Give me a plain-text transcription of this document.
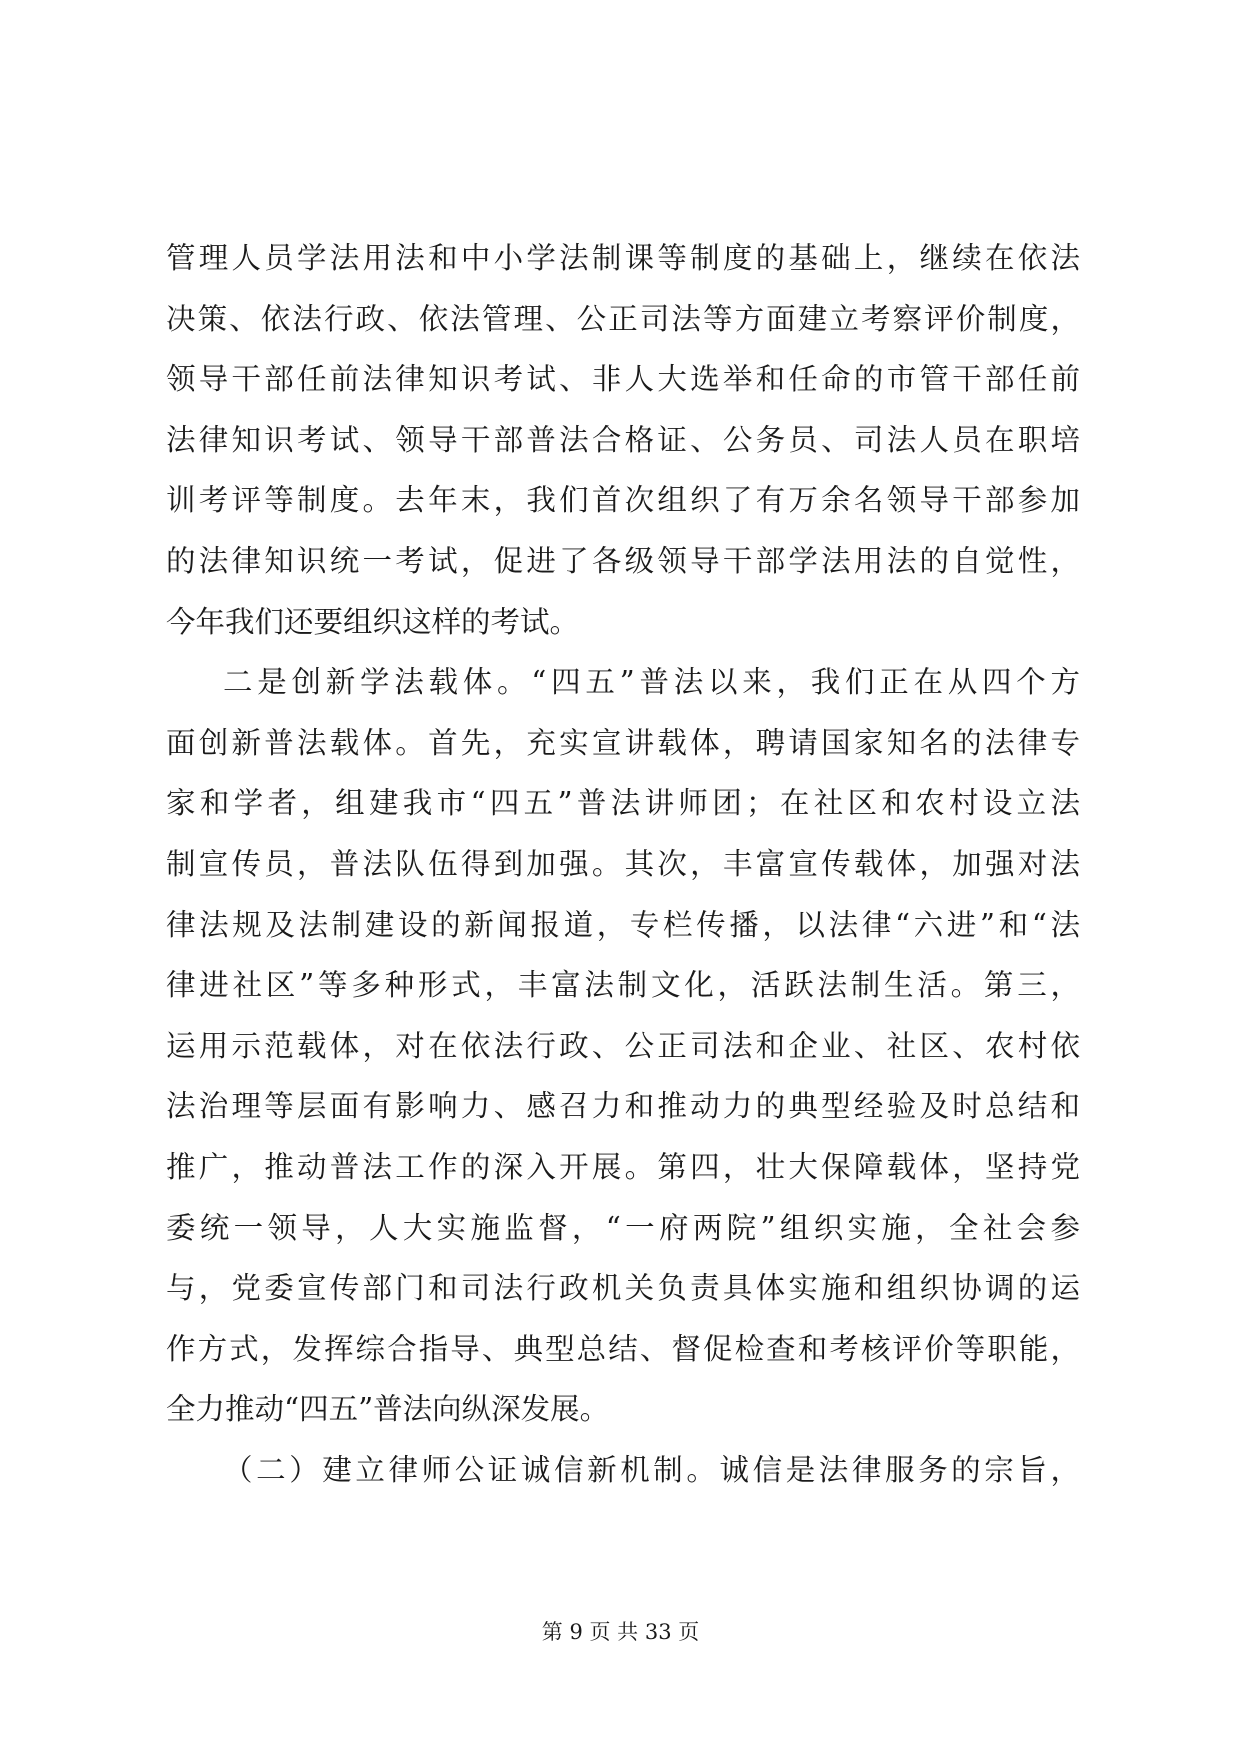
管理人员学法用法和中小学法制课等制度的基础上，继续在依法
决策、依法行政、依法管理、公正司法等方面建立考察评价制度，
领导干部任前法律知识考试、非人大选举和任命的市管干部任前
法律知识考试、领导干部普法合格证、公务员、司法人员在职培
训考评等制度。去年末，我们首次组织了有万余名领导干部参加
的法律知识统一考试，促进了各级领导干部学法用法的自觉性，
今年我们还要组织这样的考试。
二是创新学法载体。“四五”普法以来，我们正在从四个方
面创新普法载体。首先，充实宣讲载体，聘请国家知名的法律专
家和学者，组建我市“四五”普法讲师团；在社区和农村设立法
制宣传员，普法队伍得到加强。其次，丰富宣传载体，加强对法
律法规及法制建设的新闻报道，专栏传播，以法律“六进”和“法
律进社区”等多种形式，丰富法制文化，活跃法制生活。第三，
运用示范载体，对在依法行政、公正司法和企业、社区、农村依
法治理等层面有影响力、感召力和推动力的典型经验及时总结和
推广，推动普法工作的深入开展。第四，壮大保障载体，坚持党
委统一领导，人大实施监督，“一府两院”组织实施，全社会参
与，党委宣传部门和司法行政机关负责具体实施和组织协调的运
作方式，发挥综合指导、典型总结、督促检查和考核评价等职能，
全力推动“四五”普法向纵深发展。
（二）建立律师公证诚信新机制。诚信是法律服务的宗旨，
第 9 页 共 33 页
